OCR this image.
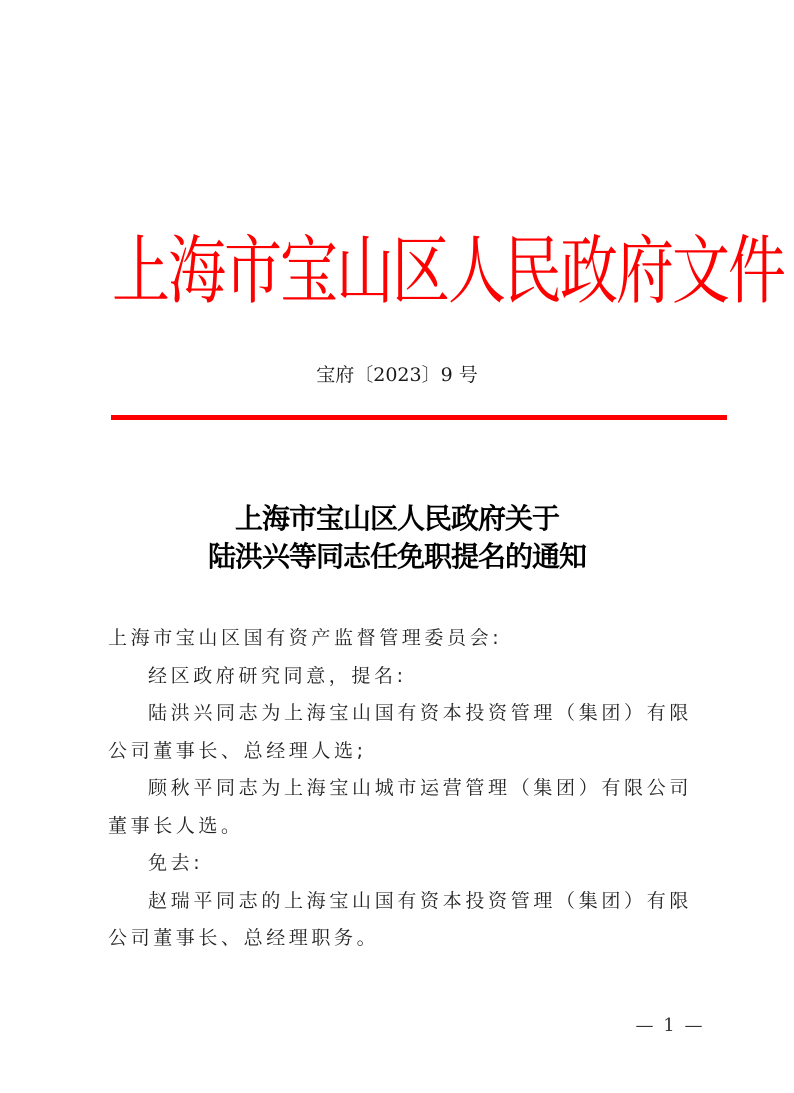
上海市宝山区人民政府文件
宝府〔2023〕9 号
上海市宝山区人民政府关于
陆洪兴等同志任免职提名的通知

上海市宝山区国有资产监督管理委员会:

经区政府研究同意，提名:

陆洪兴同志为上海宝山国有资本投资管理（集团）有限公司董事长、总经理人选;

顾秋平同志为上海宝山城市运营管理（集团）有限公司董事长人选。

免去:

赵瑞平同志的上海宝山国有资本投资管理（集团）有限公司董事长、总经理职务。

— 1 —
